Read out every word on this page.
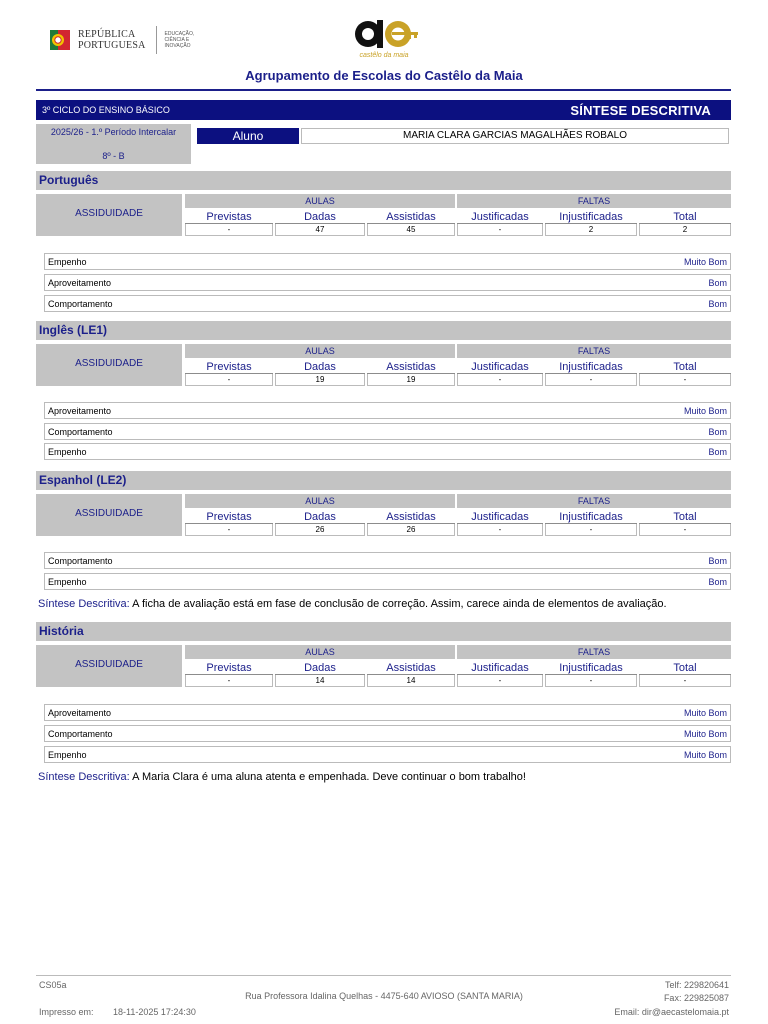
REPÚBLICA
PORTUGUESA
EDUCAÇÃO, CIÊNCIA E INOVAÇÃO
castêlo da maia
Agrupamento de Escolas do Castêlo da Maia
3º CICLO DO ENSINO BÁSICO	SÍNTESE DESCRITIVA
2025/26 - 1.º Período Intercalar
8º - B
Aluno	MARIA CLARA GARCIAS MAGALHÃES ROBALO
Português
ASSIDUIDADE
AULAS	FALTAS
Previstas	Dadas	Assistidas	Justificadas	Injustificadas	Total
-	47	45	-	2	2
Empenho	Muito Bom
Aproveitamento	Bom
Comportamento	Bom
Inglês (LE1)
ASSIDUIDADE
AULAS	FALTAS
Previstas	Dadas	Assistidas	Justificadas	Injustificadas	Total
-	19	19	-	-	-
Aproveitamento	Muito Bom
Comportamento	Bom
Empenho	Bom
Espanhol (LE2)
ASSIDUIDADE
AULAS	FALTAS
Previstas	Dadas	Assistidas	Justificadas	Injustificadas	Total
-	26	26	-	-	-
Comportamento	Bom
Empenho	Bom
Síntese Descritiva: A ficha de avaliação está em fase de conclusão de correção. Assim, carece ainda de elementos de avaliação.
História
ASSIDUIDADE
AULAS	FALTAS
Previstas	Dadas	Assistidas	Justificadas	Injustificadas	Total
-	14	14	-	-	-
Aproveitamento	Muito Bom
Comportamento	Muito Bom
Empenho	Muito Bom
Síntese Descritiva: A Maria Clara é uma aluna atenta e empenhada. Deve continuar o bom trabalho!
CS05a
Impresso em: 18-11-2025 17:24:30
Rua Professora Idalina Quelhas - 4475-640 AVIOSO (SANTA MARIA)
Telf: 229820641
Fax: 229825087
Email: dir@aecastelomaia.pt
